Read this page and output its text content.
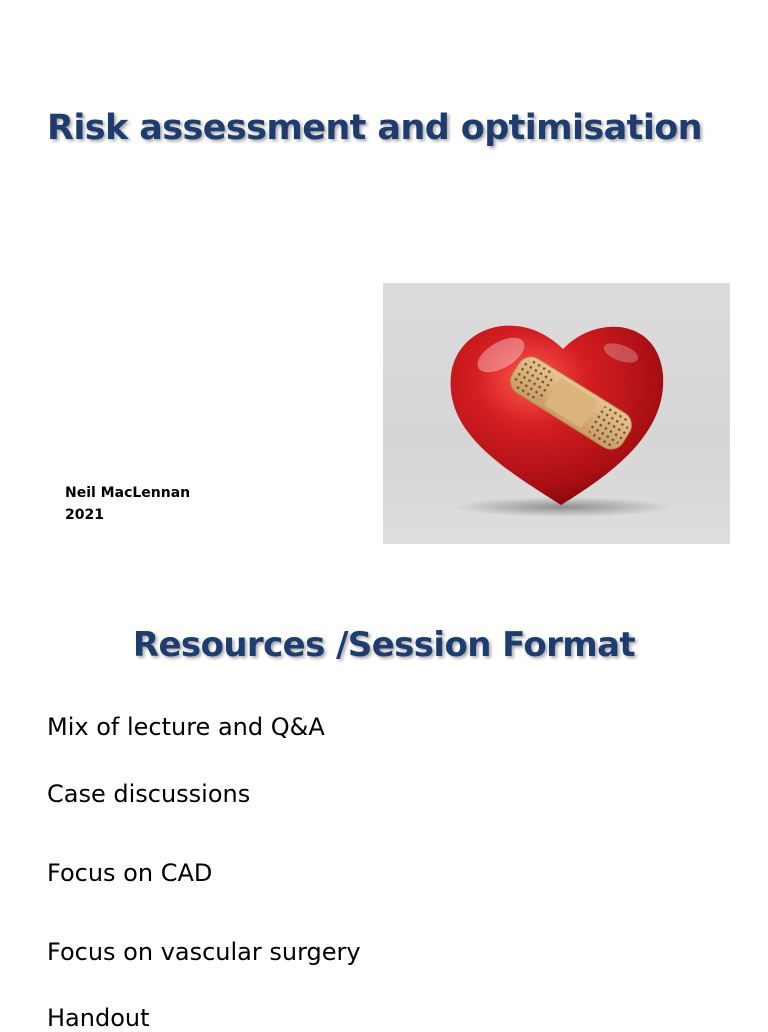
Risk assessment and optimisation
Neil MacLennan
2021
Resources /Session Format
Mix of lecture and Q&A
Case discussions
Focus on CAD
Focus on vascular surgery
Handout
